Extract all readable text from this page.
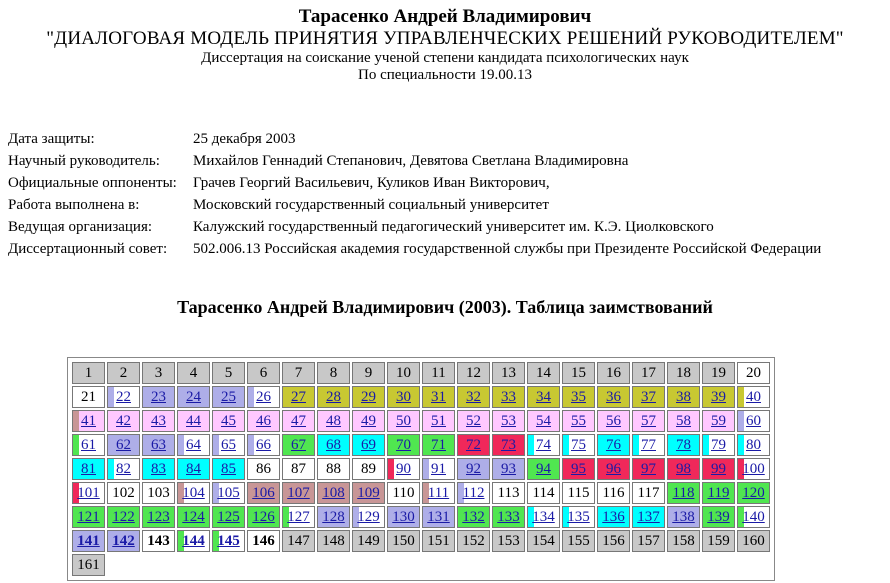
Тарасенко Андрей Владимирович
"ДИАЛОГОВАЯ МОДЕЛЬ ПРИНЯТИЯ УПРАВЛЕНЧЕСКИХ РЕШЕНИЙ РУКОВОДИТЕЛЕМ"
Диссертация на соискание ученой степени кандидата психологических наук
По специальности 19.00.13
Дата защиты:	25 декабря 2003
Научный руководитель:	Михайлов Геннадий Степанович, Девятова Светлана Владимировна
Официальные оппоненты:	Грачев Георгий Васильевич, Куликов Иван Викторович,
Работа выполнена в:	Московский государственный социальный университет
Ведущая организация:	Калужский государственный педагогический университет им. К.Э. Циолковского
Диссертационный совет:	502.006.13 Российская академия государственной службы при Президенте Российской Федерации
Тарасенко Андрей Владимирович (2003). Таблица заимствований
1	2	3	4	5	6	7	8	9	10	11	12	13	14	15	16	17	18	19	20
21	22	23	24	25	26	27	28	29	30	31	32	33	34	35	36	37	38	39	40

41	42	43	44	45	46	47	48	49	50	51	52	53	54	55	56	57	58	59	60

61	62	63	64	65	66	67	68	69	70	71	72	73	74	75	76	77	78	79	80
81	82	83	84	85	86	87	88	89	90	91	92	93	94	95	96	97	98	99	100

101	102	103	104	105	106	107	108	109	110	111	112	113	114	115	116	117	118	119	120
121	122	123	124	125	126	127	128	129	130	131	132	133	134	135	136	137	138	139	140
141	142	143	144	145	146	147	148	149	150	151	152	153	154	155	156	157	158	159	160
161																			
